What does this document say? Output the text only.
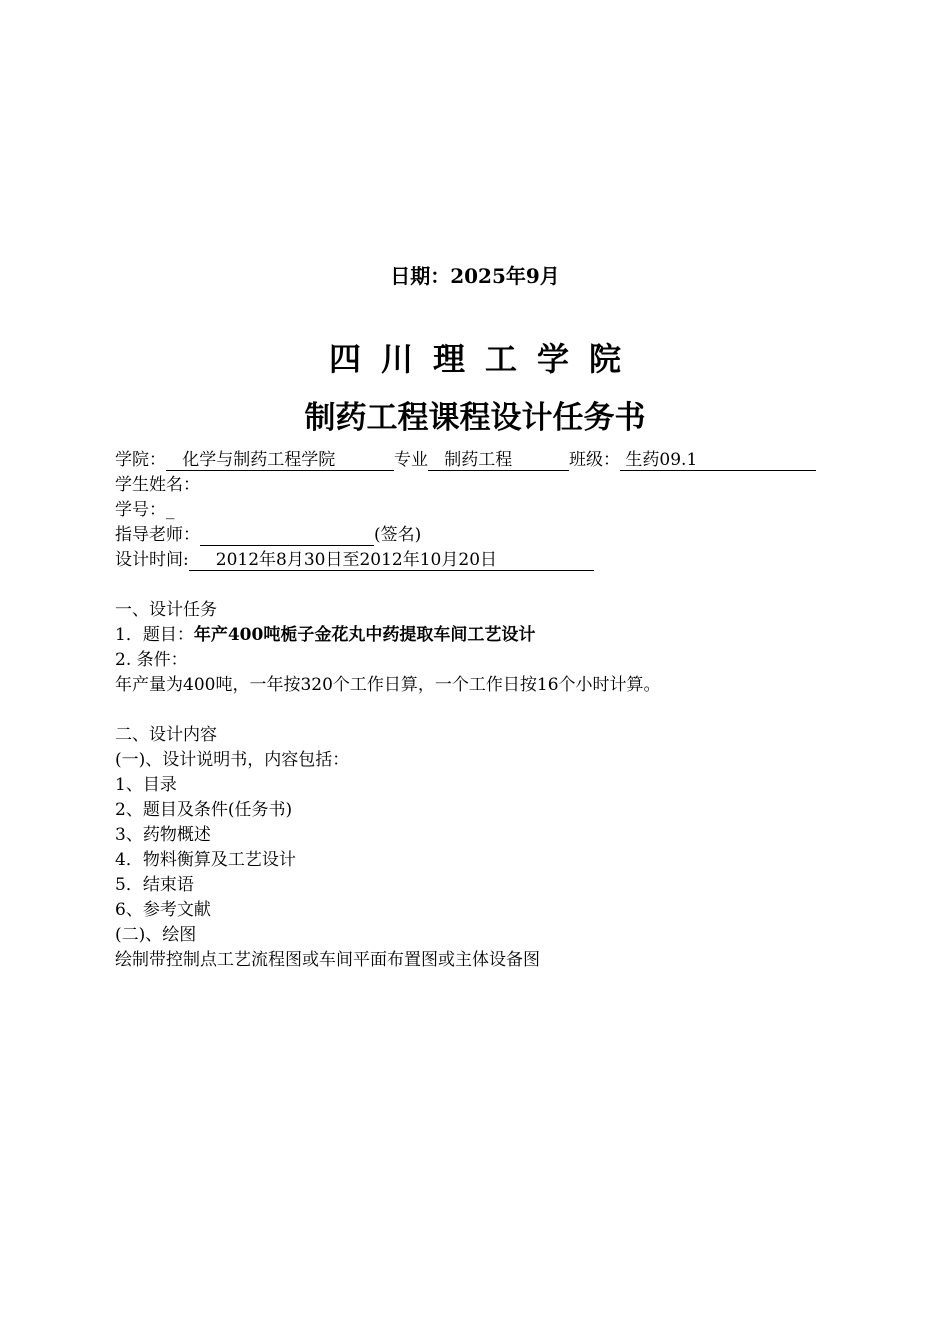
日期：2025年9月
四川理工学院
制药工程课程设计任务书
学院： 化学与制药工程学院	专业 制药工程	班级： 生药09.1
学生姓名：
学号：_
指导老师：	(签名)
设计时间: 2012年8月30日至2012年10月20日
一、设计任务
1．题目：年产400吨栀子金花丸中药提取车间工艺设计
2. 条件：
年产量为400吨，一年按320个工作日算，一个工作日按16个小时计算。
二、设计内容
(一)、设计说明书，内容包括：
1、目录
2、题目及条件(任务书)
3、药物概述
4．物料衡算及工艺设计
5．结束语
6、参考文献
(二)、绘图
绘制带控制点工艺流程图或车间平面布置图或主体设备图
